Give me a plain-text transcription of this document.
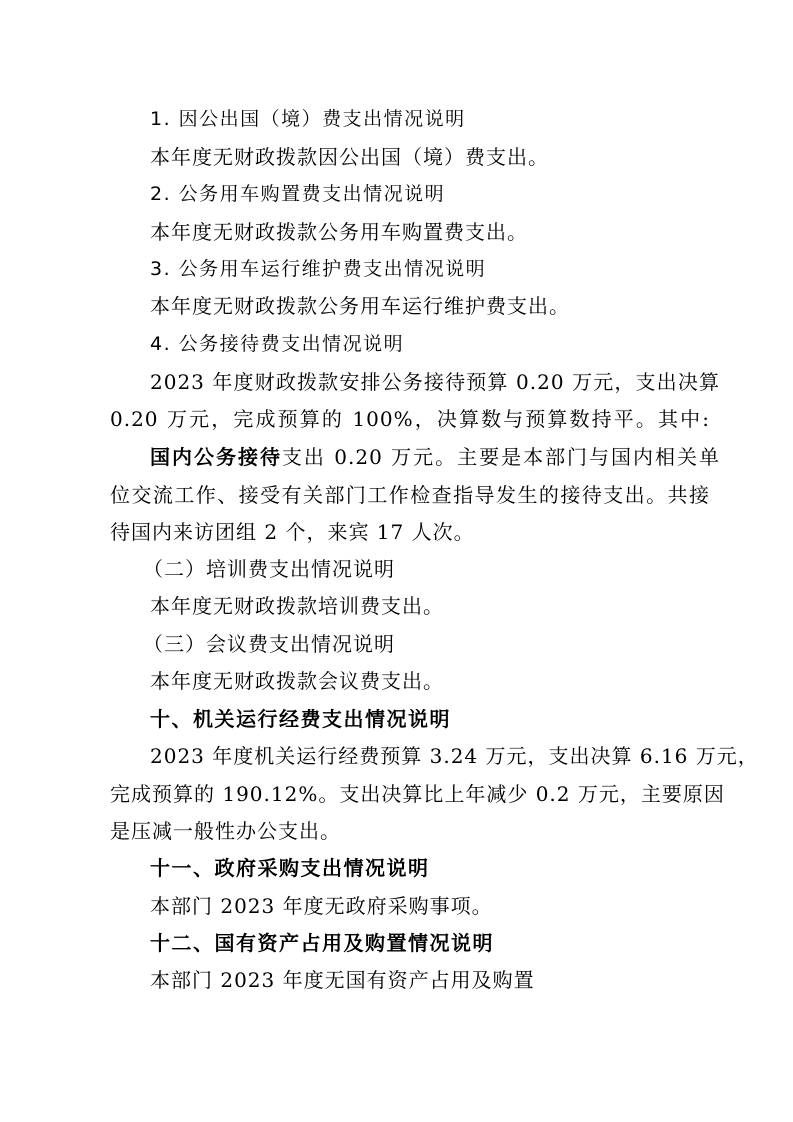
1. 因公出国（境）费支出情况说明
本年度无财政拨款因公出国（境）费支出。
2. 公务用车购置费支出情况说明
本年度无财政拨款公务用车购置费支出。
3. 公务用车运行维护费支出情况说明
本年度无财政拨款公务用车运行维护费支出。
4. 公务接待费支出情况说明
2023 年度财政拨款安排公务接待预算 0.20 万元，支出决算
0.20 万元，完成预算的 100%，决算数与预算数持平。其中:
国内公务接待支出 0.20 万元。主要是本部门与国内相关单
位交流工作、接受有关部门工作检查指导发生的接待支出。共接
待国内来访团组 2 个，来宾 17 人次。
（二）培训费支出情况说明
本年度无财政拨款培训费支出。
（三）会议费支出情况说明
本年度无财政拨款会议费支出。
十、机关运行经费支出情况说明
2023 年度机关运行经费预算 3.24 万元，支出决算 6.16 万元，
完成预算的 190.12%。支出决算比上年减少 0.2 万元，主要原因
是压减一般性办公支出。
十一、政府采购支出情况说明
本部门 2023 年度无政府采购事项。
十二、国有资产占用及购置情况说明
本部门 2023 年度无国有资产占用及购置
